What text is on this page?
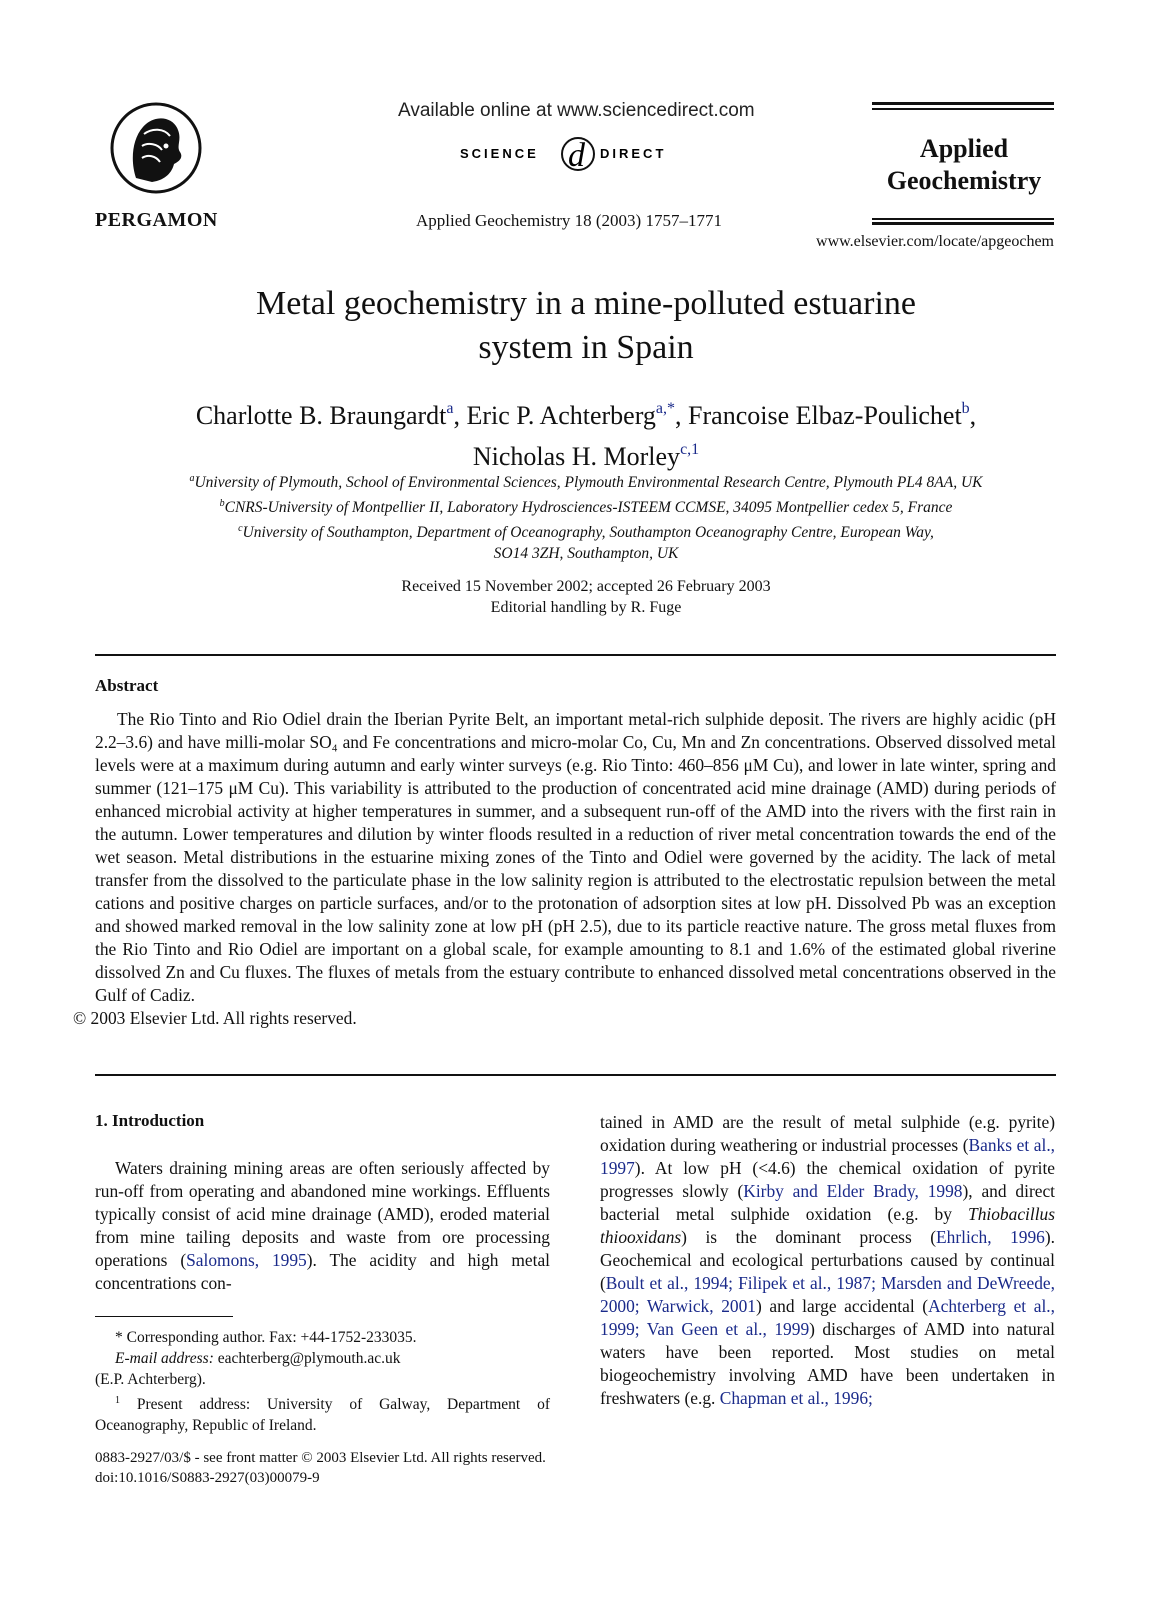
PERGAMON
Available online at www.sciencedirect.com
SCIENCE d DIRECT
Applied Geochemistry 18 (2003) 1757–1771
Applied
Geochemistry
www.elsevier.com/locate/apgeochem
Metal geochemistry in a mine-polluted estuarine
system in Spain
Charlotte B. Braungardt$^a$, Eric P. Achterberg$^{a,*}$, Francoise Elbaz-Poulichet$^b$,
Nicholas H. Morley$^{c,1}$
$^a$University of Plymouth, School of Environmental Sciences, Plymouth Environmental Research Centre, Plymouth PL4 8AA, UK
$^b$CNRS-University of Montpellier II, Laboratory Hydrosciences-ISTEEM CCMSE, 34095 Montpellier cedex 5, France
$^c$University of Southampton, Department of Oceanography, Southampton Oceanography Centre, European Way,
SO14 3ZH, Southampton, UK
Received 15 November 2002; accepted 26 February 2003
Editorial handling by R. Fuge
Abstract
The Rio Tinto and Rio Odiel drain the Iberian Pyrite Belt, an important metal-rich sulphide deposit. The rivers are highly acidic (pH 2.2–3.6) and have milli-molar SO₄ and Fe concentrations and micro-molar Co, Cu, Mn and Zn concentrations. Observed dissolved metal levels were at a maximum during autumn and early winter surveys (e.g. Rio Tinto: 460–856 μM Cu), and lower in late winter, spring and summer (121–175 μM Cu). This variability is attributed to the production of concentrated acid mine drainage (AMD) during periods of enhanced microbial activity at higher temperatures in summer, and a subsequent run-off of the AMD into the rivers with the first rain in the autumn. Lower temperatures and dilution by winter floods resulted in a reduction of river metal concentration towards the end of the wet season. Metal distributions in the estuarine mixing zones of the Tinto and Odiel were governed by the acidity. The lack of metal transfer from the dissolved to the particulate phase in the low salinity region is attributed to the electrostatic repulsion between the metal cations and positive charges on particle surfaces, and/or to the protonation of adsorption sites at low pH. Dissolved Pb was an exception and showed marked removal in the low salinity zone at low pH (pH 2.5), due to its particle reactive nature. The gross metal fluxes from the Rio Tinto and Rio Odiel are important on a global scale, for example amounting to 8.1 and 1.6% of the estimated global riverine dissolved Zn and Cu fluxes. The fluxes of metals from the estuary contribute to enhanced dissolved metal concentrations observed in the Gulf of Cadiz.
© 2003 Elsevier Ltd. All rights reserved.
1. Introduction
Waters draining mining areas are often seriously affected by run-off from operating and abandoned mine workings. Effluents typically consist of acid mine drainage (AMD), eroded material from mine tailing deposits and waste from ore processing operations (Salomons, 1995). The acidity and high metal concentrations con-
tained in AMD are the result of metal sulphide (e.g. pyrite) oxidation during weathering or industrial processes (Banks et al., 1997). At low pH (<4.6) the chemical oxidation of pyrite progresses slowly (Kirby and Elder Brady, 1998), and direct bacterial metal sulphide oxidation (e.g. by Thiobacillus thiooxidans) is the dominant process (Ehrlich, 1996). Geochemical and ecological perturbations caused by continual (Boult et al., 1994; Filipek et al., 1987; Marsden and DeWreede, 2000; Warwick, 2001) and large accidental (Achterberg et al., 1999; Van Geen et al., 1999) discharges of AMD into natural waters have been reported. Most studies on metal biogeochemistry involving AMD have been undertaken in freshwaters (e.g. Chapman et al., 1996;
* Corresponding author. Fax: +44-1752-233035.
E-mail address: eachterberg@plymouth.ac.uk
(E.P. Achterberg).
$^1$ Present address: University of Galway, Department of Oceanography, Republic of Ireland.
0883-2927/03/$ - see front matter © 2003 Elsevier Ltd. All rights reserved.
doi:10.1016/S0883-2927(03)00079-9
